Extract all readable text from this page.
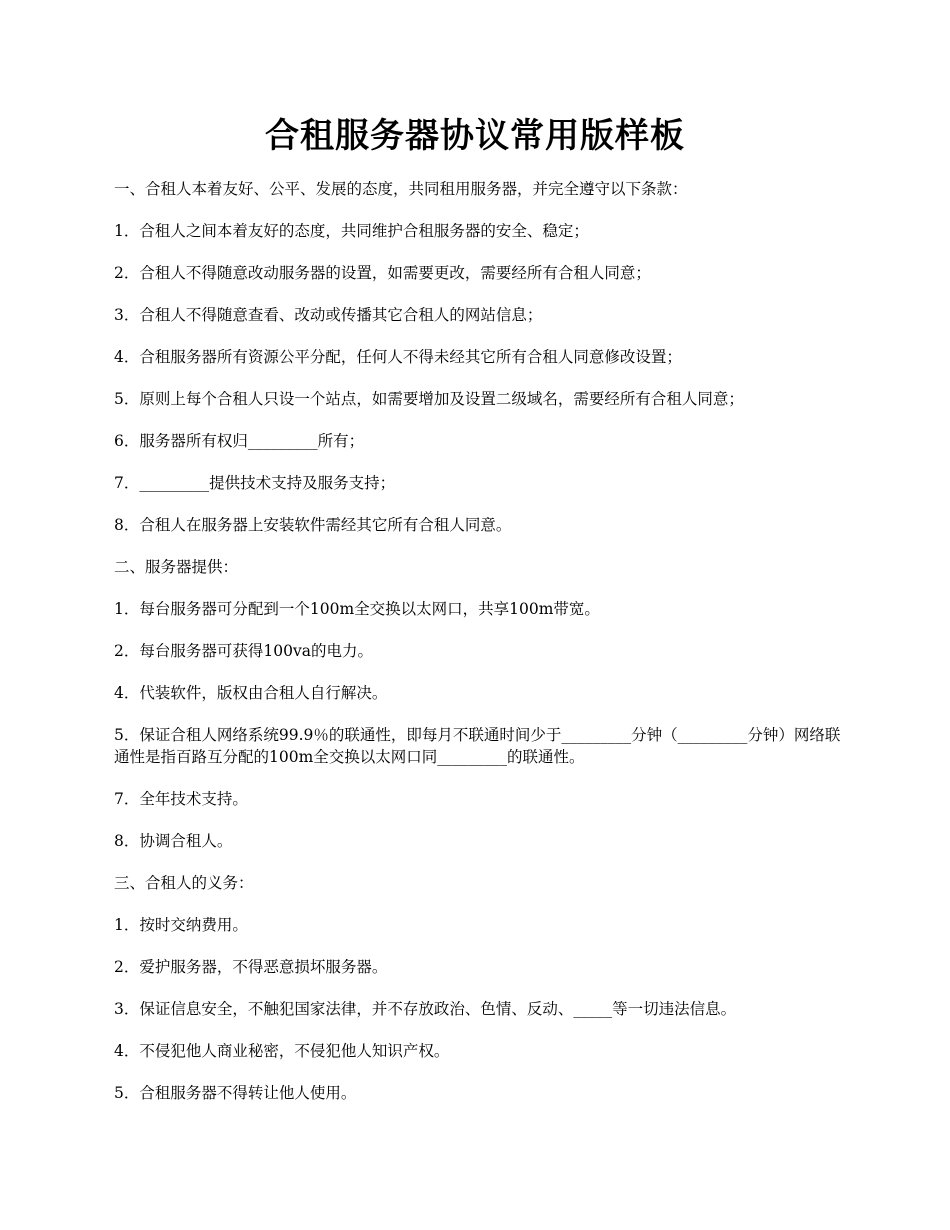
合租服务器协议常用版样板

一、合租人本着友好、公平、发展的态度，共同租用服务器，并完全遵守以下条款：

1．合租人之间本着友好的态度，共同维护合租服务器的安全、稳定；

2．合租人不得随意改动服务器的设置，如需要更改，需要经所有合租人同意；

3．合租人不得随意查看、改动或传播其它合租人的网站信息；

4．合租服务器所有资源公平分配，任何人不得未经其它所有合租人同意修改设置；

5．原则上每个合租人只设一个站点，如需要增加及设置二级域名，需要经所有合租人同意；

6．服务器所有权归_________所有；

7．_________提供技术支持及服务支持；

8．合租人在服务器上安装软件需经其它所有合租人同意。

二、服务器提供：

1．每台服务器可分配到一个100m全交换以太网口，共享100m带宽。

2．每台服务器可获得100va的电力。

4．代装软件，版权由合租人自行解决。

5．保证合租人网络系统99.9％的联通性，即每月不联通时间少于_________分钟（_________分钟）网络联通性是指百路互分配的100m全交换以太网口同_________的联通性。

7．全年技术支持。

8．协调合租人。

三、合租人的义务：

1．按时交纳费用。

2．爱护服务器，不得恶意损坏服务器。

3．保证信息安全，不触犯国家法律，并不存放政治、色情、反动、_____等一切违法信息。

4．不侵犯他人商业秘密，不侵犯他人知识产权。

5．合租服务器不得转让他人使用。
